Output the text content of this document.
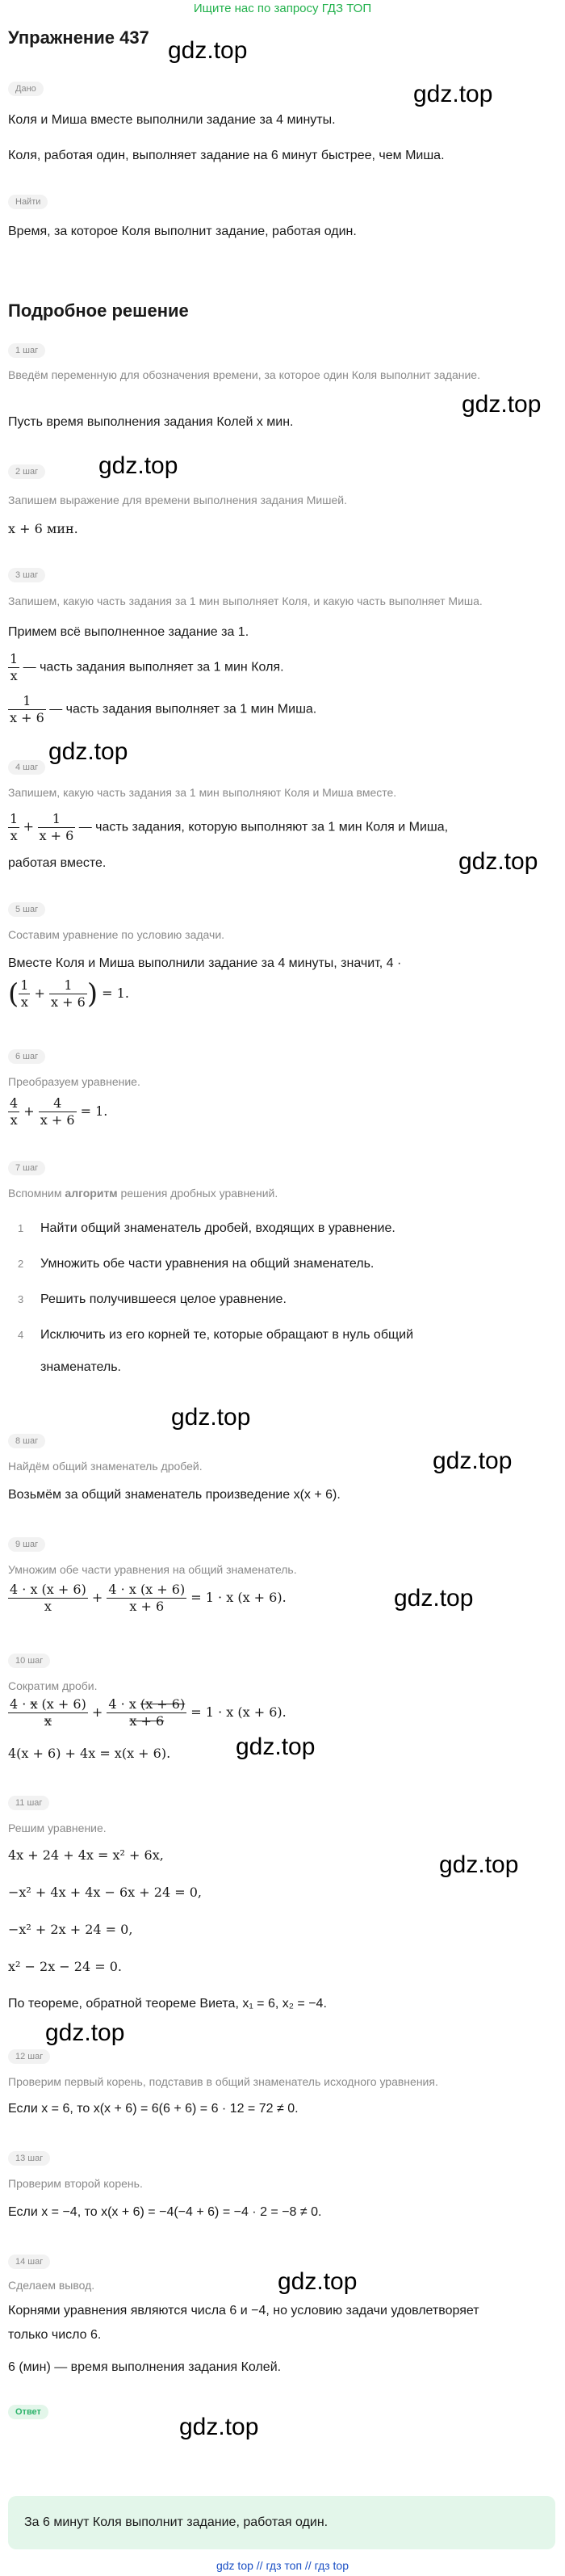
Ищите нас по запросу ГДЗ ТОП
Упражнение 437 gdz.top
Дано	gdz.top
Коля и Миша вместе выполнили задание за 4 минуты.
Коля, работая один, выполняет задание на 6 минут быстрее, чем Миша.
Найти
Время, за которое Коля выполнит задание, работая один.
Подробное решение
1 шаг
Введём переменную для обозначения времени, за которое один Коля выполнит задание.
gdz.top
Пусть время выполнения задания Колей x мин.
gdz.top
2 шаг
Запишем выражение для времени выполнения задания Мишей.
x + 6 мин.
3 шаг
Запишем, какую часть задания за 1 мин выполняет Коля, и какую часть выполняет Миша.
Примем всё выполненное задание за 1.
$\frac{1}{x}$ — часть задания выполняет за 1 мин Коля.
$\frac{1}{x + 6}$ — часть задания выполняет за 1 мин Миша.
gdz.top
4 шаг
Запишем, какую часть задания за 1 мин выполняют Коля и Миша вместе.
$\frac{1}{x} + \frac{1}{x + 6}$ — часть задания, которую выполняют за 1 мин Коля и Миша,
gdz.top
работая вместе.
5 шаг
Составим уравнение по условию задачи.
Вместе Коля и Миша выполнили задание за 4 минуты, значит, 4 ·
( $\frac{1}{x} + \frac{1}{x + 6}$ ) = 1.
6 шаг
Преобразуем уравнение.
$\frac{4}{x} + \frac{4}{x + 6} = 1$.
7 шаг
Вспомним алгоритм решения дробных уравнений.
1 Найти общий знаменатель дробей, входящих в уравнение.
2 Умножить обе части уравнения на общий знаменатель.
3 Решить получившееся целое уравнение.
4 Исключить из его корней те, которые обращают в нуль общий
знаменатель.
gdz.top
8 шаг
gdz.top
Найдём общий знаменатель дробей.
Возьмём за общий знаменатель произведение x(x + 6).
9 шаг
Умножим обе части уравнения на общий знаменатель.
$\frac{4 \cdot x (x + 6)}{x} + \frac{4 \cdot x (x + 6)}{x + 6} = 1 \cdot x$ (x + 6).	gdz.top
10 шаг
Сократим дроби.
$\frac{4 \cdot x (x + 6)}{x} + \frac{4 \cdot x (x + 6)}{x + 6} = 1 \cdot x$ (x + 6).
gdz.top
4(x + 6) + 4x = x(x + 6).
11 шаг
Решим уравнение.
4x + 24 + 4x = x² + 6x,	gdz.top
−x² + 4x + 4x − 6x + 24 = 0,
−x² + 2x + 24 = 0,
x² − 2x − 24 = 0.
По теореме, обратной теореме Виета, x₁ = 6, x₂ = −4.
gdz.top
12 шаг
Проверим первый корень, подставив в общий знаменатель исходного уравнения.
Если x = 6, то x(x + 6) = 6(6 + 6) = 6 · 12 = 72 ≠ 0.
13 шаг
Проверим второй корень.
Если x = −4, то x(x + 6) = −4(−4 + 6) = −4 · 2 = −8 ≠ 0.
14 шаг
gdz.top
Сделаем вывод.
Корнями уравнения являются числа 6 и −4, но условию задачи удовлетворяет
только число 6.
6 (мин) — время выполнения задания Колей.
Ответ
gdz.top
За 6 минут Коля выполнит задание, работая один.
gdz top // гдз топ // гдз top
